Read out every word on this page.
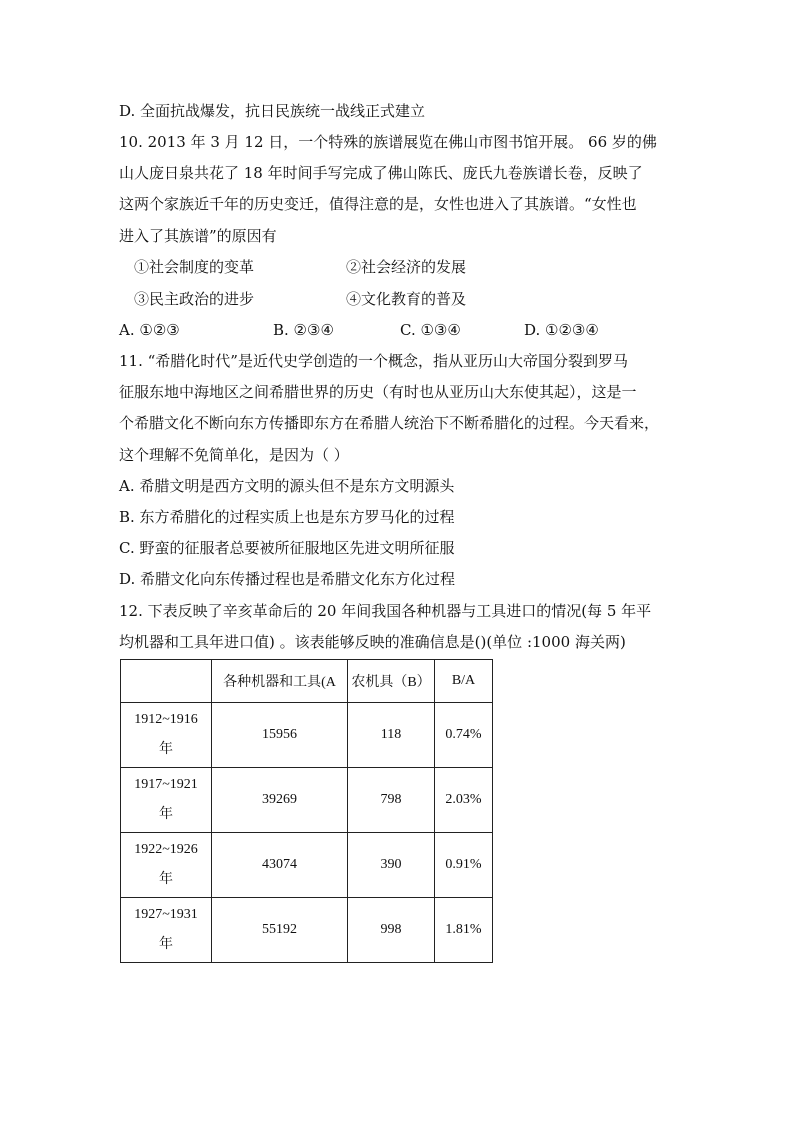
D. 全面抗战爆发，抗日民族统一战线正式建立
10. 2013 年 3 月 12 日，一个特殊的族谱展览在佛山市图书馆开展。 66 岁的佛
山人庞日泉共花了 18 年时间手写完成了佛山陈氏、庞氏九卷族谱长卷，反映了
这两个家族近千年的历史变迁，值得注意的是，女性也进入了其族谱。“女性也
进入了其族谱”的原因有
①社会制度的变革	②社会经济的发展
③民主政治的进步	④文化教育的普及
A. ①②③	B. ②③④	C. ①③④	D. ①②③④
11. “希腊化时代”是近代史学创造的一个概念，指从亚历山大帝国分裂到罗马
征服东地中海地区之间希腊世界的历史（有时也从亚历山大东使其起），这是一
个希腊文化不断向东方传播即东方在希腊人统治下不断希腊化的过程。今天看来，
这个理解不免简单化，是因为（ ）
A. 希腊文明是西方文明的源头但不是东方文明源头
B. 东方希腊化的过程实质上也是东方罗马化的过程
C. 野蛮的征服者总要被所征服地区先进文明所征服
D. 希腊文化向东传播过程也是希腊文化东方化过程
12. 下表反映了辛亥革命后的 20 年间我国各种机器与工具进口的情况(每 5 年平
均机器和工具年进口值) 。该表能够反映的准确信息是()(单位 :1000 海关两)
	各种机器和工具(A	农机具（B）	B/A

1912~1916
年	15956	118	0.74%

1917~1921
年	39269	798	2.03%

1922~1926
年	43074	390	0.91%

1927~1931
年	55192	998	1.81%
